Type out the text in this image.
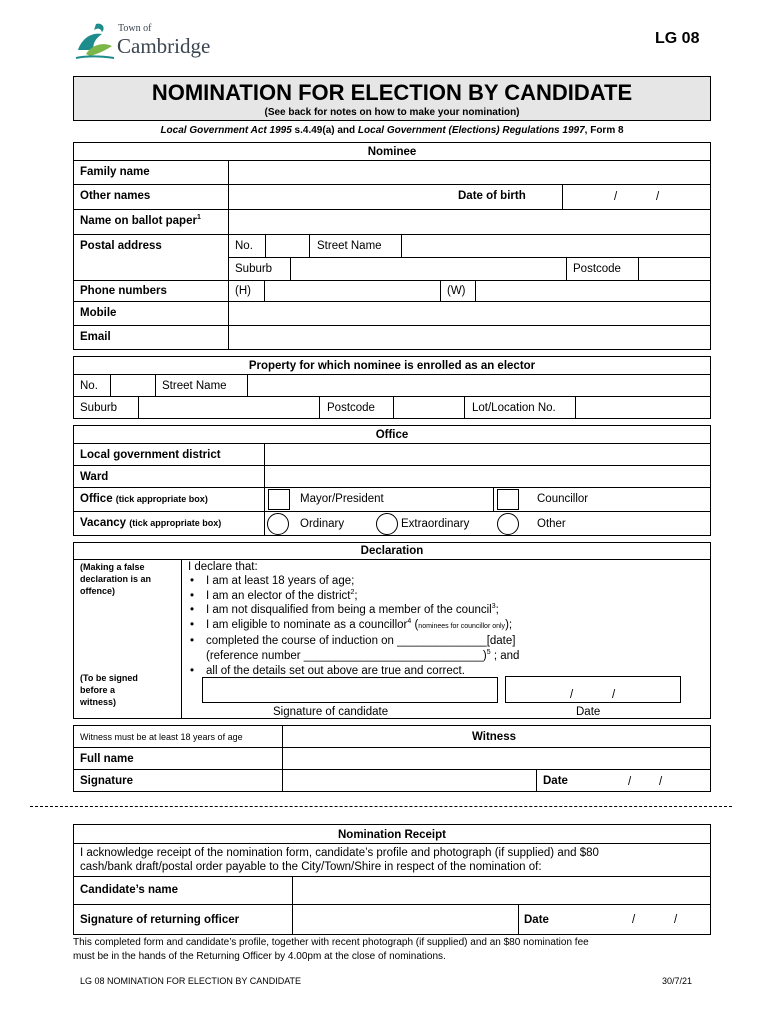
Town of
Cambridge	LG 08
NOMINATION FOR ELECTION BY CANDIDATE
(See back for notes on how to make your nomination)
Local Government Act 1995 s.4.49(a) and Local Government (Elections) Regulations 1997, Form 8
Nominee
Family name
Other names	Date of birth	/	/
Name on ballot paper$^1$
Postal address	No.	Street Name
Suburb	Postcode
Phone numbers	(H)	(W)
Mobile
Email
Property for which nominee is enrolled as an elector
No.	Street Name
Suburb	Postcode	Lot/Location No.
Office
Local government district
Ward
Office (tick appropriate box)	Mayor/President	Councillor
Vacancy (tick appropriate box)	Ordinary	Extraordinary	Other
Declaration
(Making a false
declaration is an
offence)
(To be signed
before a
witness)
I declare that:
• I am at least 18 years of age;
• I am an elector of the district$^2$;
• I am not disqualified from being a member of the council$^3$;
• I am eligible to nominate as a councillor$^4$ (nominees for councillor only);
• completed the course of induction on ______________[date]
(reference number ____________________________)$^5$ ; and
• all of the details set out above are true and correct.
/	/
Signature of candidate	Date
Witness must be at least 18 years of age	Witness
Full name
Signature	Date	/ /
Nomination Receipt
I acknowledge receipt of the nomination form, candidate’s profile and photograph (if supplied) and $80
cash/bank draft/postal order payable to the City/Town/Shire in respect of the nomination of:
Candidate’s name
Signature of returning officer	Date	/	/
This completed form and candidate’s profile, together with recent photograph (if supplied) and an $80 nomination fee
must be in the hands of the Returning Officer by 4.00pm at the close of nominations.
LG 08 NOMINATION FOR ELECTION BY CANDIDATE	30/7/21
